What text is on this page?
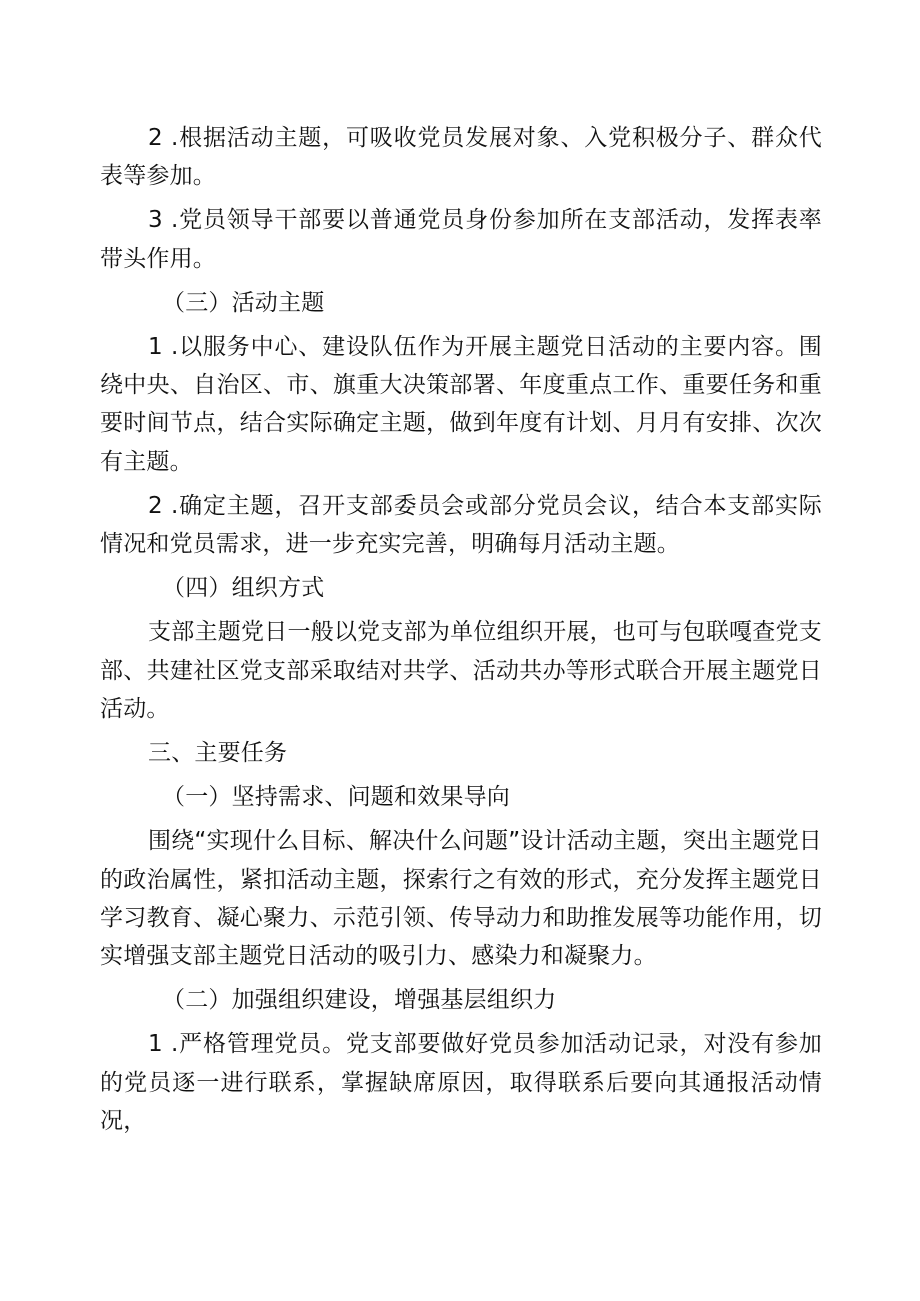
2 .根据活动主题，可吸收党员发展对象、入党积极分子、群众代表等参加。

3 .党员领导干部要以普通党员身份参加所在支部活动，发挥表率带头作用。

（三）活动主题

1 .以服务中心、建设队伍作为开展主题党日活动的主要内容。围绕中央、自治区、市、旗重大决策部署、年度重点工作、重要任务和重要时间节点，结合实际确定主题，做到年度有计划、月月有安排、次次有主题。

2 .确定主题，召开支部委员会或部分党员会议，结合本支部实际情况和党员需求，进一步充实完善，明确每月活动主题。

（四）组织方式

支部主题党日一般以党支部为单位组织开展，也可与包联嘎查党支部、共建社区党支部采取结对共学、活动共办等形式联合开展主题党日活动。

三、主要任务

（一）坚持需求、问题和效果导向

围绕“实现什么目标、解决什么问题”设计活动主题，突出主题党日的政治属性，紧扣活动主题，探索行之有效的形式，充分发挥主题党日学习教育、凝心聚力、示范引领、传导动力和助推发展等功能作用，切实增强支部主题党日活动的吸引力、感染力和凝聚力。

（二）加强组织建设，增强基层组织力

1 .严格管理党员。党支部要做好党员参加活动记录，对没有参加的党员逐一进行联系，掌握缺席原因，取得联系后要向其通报活动情况，
